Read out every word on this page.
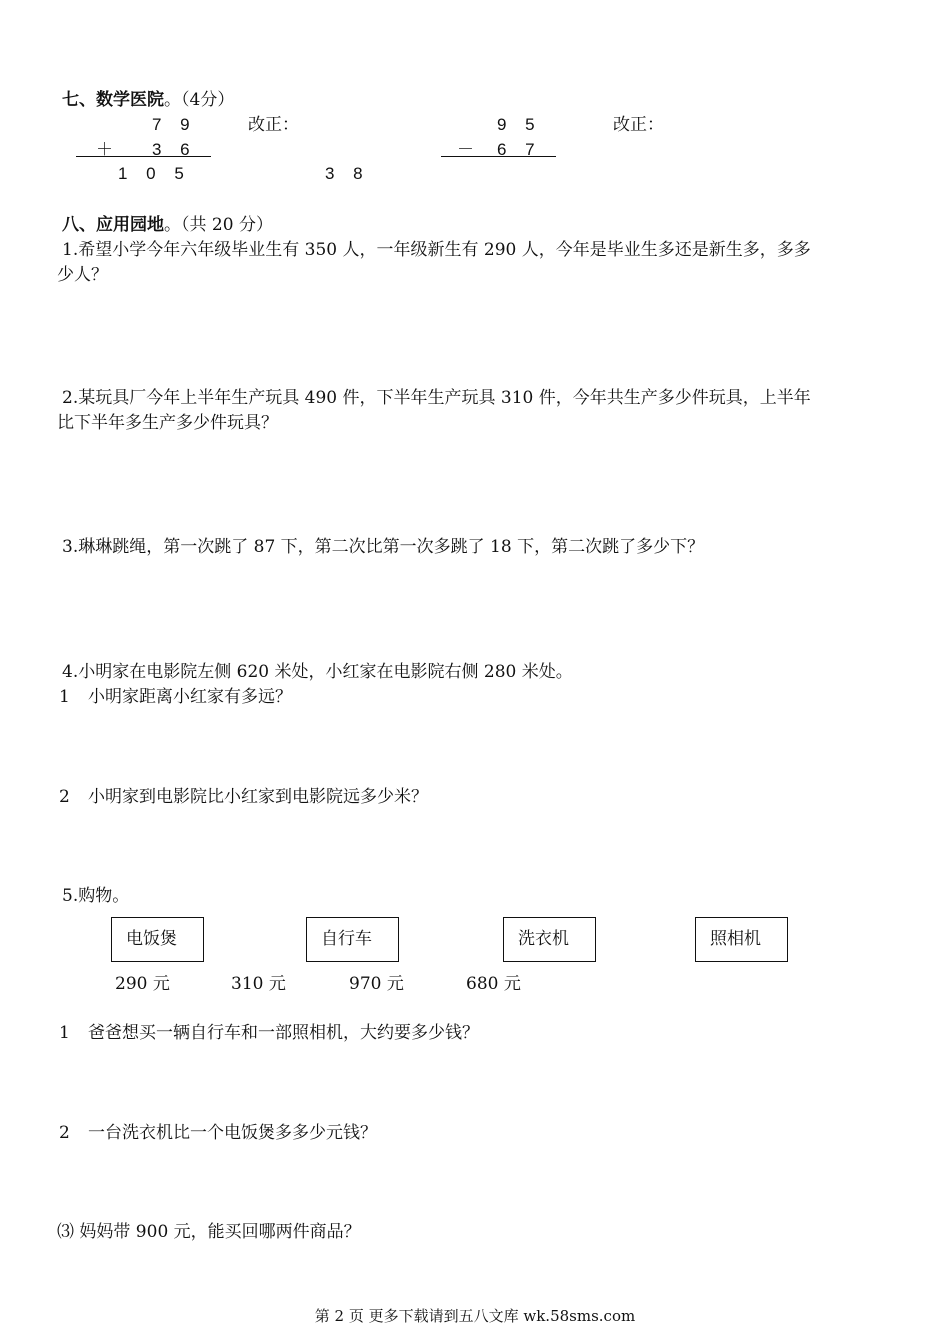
七、数学医院。（4分）
7 9	改正：
＋ 3 6
1 0 5
9 5	改正：
－ 6 7
3 8
八、应用园地。（共 20 分）
1.希望小学今年六年级毕业生有 350 人，一年级新生有 290 人，今年是毕业生多还是新生多，多多
少人？
2.某玩具厂今年上半年生产玩具 490 件，下半年生产玩具 310 件，今年共生产多少件玩具，上半年
比下半年多生产多少件玩具？
3.琳琳跳绳，第一次跳了 87 下，第二次比第一次多跳了 18 下，第二次跳了多少下？
4.小明家在电影院左侧 620 米处，小红家在电影院右侧 280 米处。
1 小明家距离小红家有多远？
2 小明家到电影院比小红家到电影院远多少米？
5.购物。
电饭煲	自行车	洗衣机	照相机
290 元	310 元	970 元	680 元
1 爸爸想买一辆自行车和一部照相机，大约要多少钱？
2 一台洗衣机比一个电饭煲多多少元钱？
⑶ 妈妈带 900 元，能买回哪两件商品？
第 2 页 更多下载请到五八文库 wk.58sms.com
